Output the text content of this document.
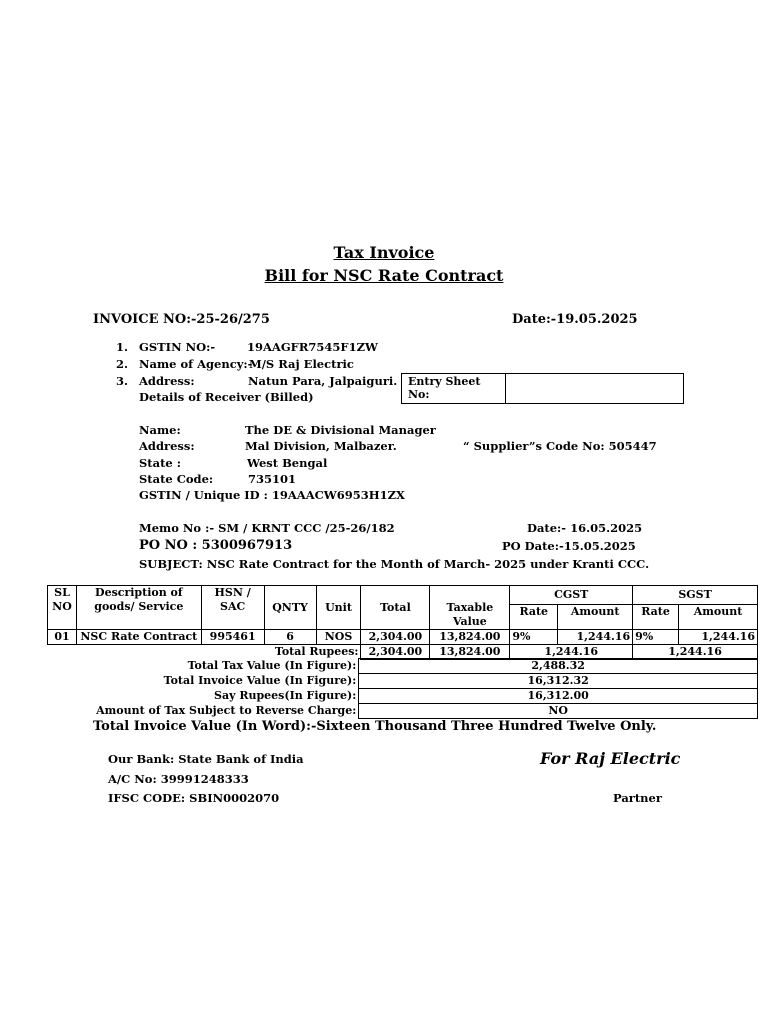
Tax Invoice
Bill for NSC Rate Contract
INVOICE NO:-25-26/275	Date:-19.05.2025
1. GSTIN NO:-	19AAGFR7545F1ZW
2. Name of Agency:-
M/S Raj Electric
3. Address:	Natun Para, Jalpaiguri.
Details of Receiver (Billed)
Entry Sheet No:
Name:	The DE & Divisional Manager
Address:	Mal Division, Malbazer.	“ Supplier”s Code No: 505447
State :	West Bengal
State Code:	735101
GSTIN / Unique ID : 19AAACW6953H1ZX
Memo No :- SM / KRNT CCC /25-26/182	Date:- 16.05.2025
PO NO : 5300967913	PO Date:-15.05.2025
SUBJECT: NSC Rate Contract for the Month of March- 2025 under Kranti CCC.
SL NO	Description of goods/ Service	HSN / SAC	QNTY	Unit	Total	Taxable Value	CGST		SGST	
							Rate	Amount	Rate	Amount
01	NSC Rate Contract	995461	6	NOS	2,304.00	13,824.00	9%	1,244.16	9%	1,244.16
Total Rupees:					2,304.00	13,824.00	1,244.16		1,244.16	
Total Tax Value (In Figure):	2,488.32
Total Invoice Value (In Figure):	16,312.32
Say Rupees(In Figure):	16,312.00
Amount of Tax Subject to Reverse Charge:	NO
Total Invoice Value (In Word):-Sixteen Thousand Three Hundred Twelve Only.
Our Bank: State Bank of India
A/C No: 39991248333
IFSC CODE: SBIN0002070
For Raj Electric
Partner
